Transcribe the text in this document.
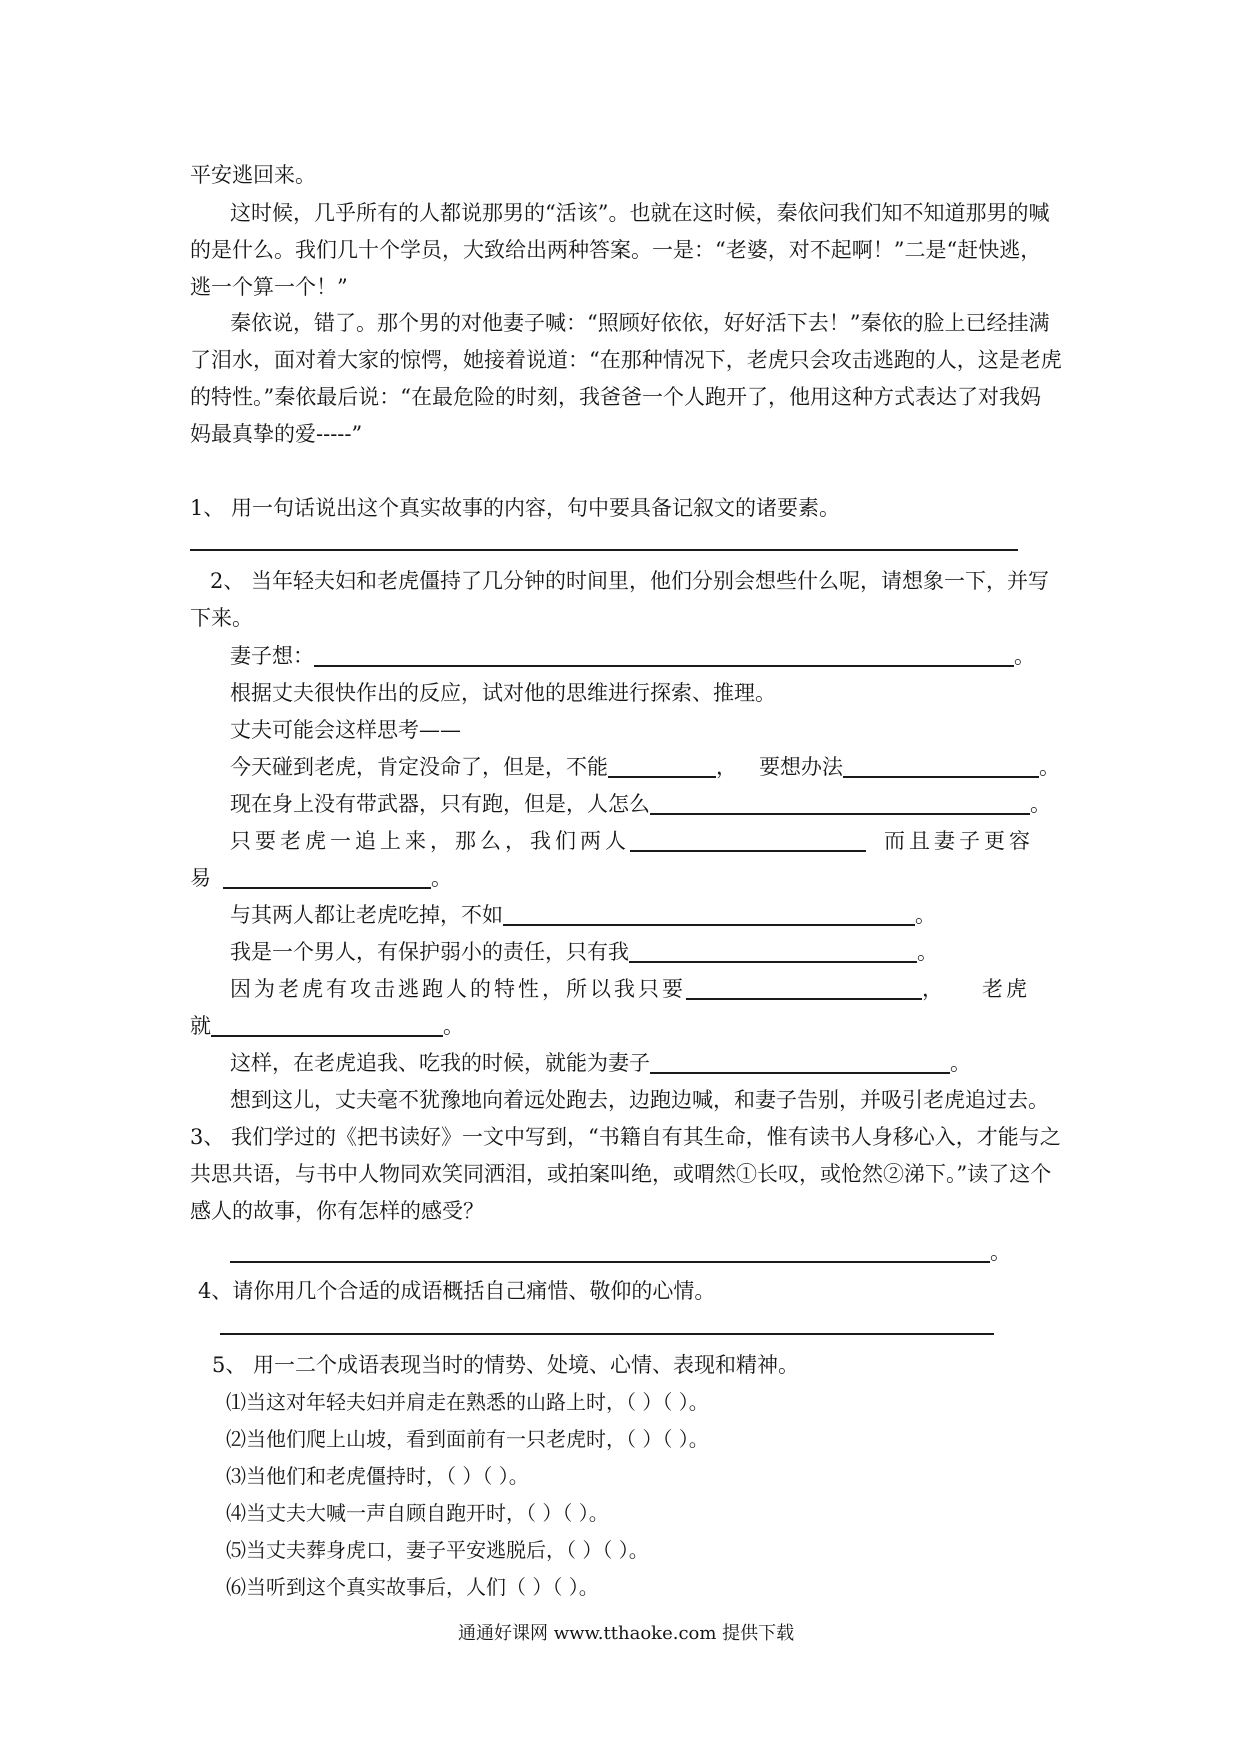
平安逃回来。
这时候，几乎所有的人都说那男的“活该”。也就在这时候，秦依问我们知不知道那男的喊
的是什么。我们几十个学员，大致给出两种答案。一是：“老婆，对不起啊！”二是“赶快逃，
逃一个算一个！”
秦依说，错了。那个男的对他妻子喊：“照顾好依依，好好活下去！”秦依的脸上已经挂满
了泪水，面对着大家的惊愕，她接着说道：“在那种情况下，老虎只会攻击逃跑的人，这是老虎
的特性。”秦依最后说：“在最危险的时刻，我爸爸一个人跑开了，他用这种方式表达了对我妈
妈最真挚的爱-----”
1、 用一句话说出这个真实故事的内容，句中要具备记叙文的诸要素。
2、 当年轻夫妇和老虎僵持了几分钟的时间里，他们分别会想些什么呢，请想象一下，并写
下来。
妻子想：	。
根据丈夫很快作出的反应，试对他的思维进行探索、推理。
丈夫可能会这样思考——
今天碰到老虎，肯定没命了，但是，不能	， 要想办法	。
现在身上没有带武器，只有跑，但是，人怎么	。
只要老虎一追上来，那么，我们两人	而且妻子更容
易	。
与其两人都让老虎吃掉，不如	。
我是一个男人，有保护弱小的责任，只有我	。
因为老虎有攻击逃跑人的特性，所以我只要	， 老虎
就	。
这样，在老虎追我、吃我的时候，就能为妻子	。
想到这儿，丈夫毫不犹豫地向着远处跑去，边跑边喊，和妻子告别，并吸引老虎追过去。
3、 我们学过的《把书读好》一文中写到，“书籍自有其生命，惟有读书人身移心入，才能与之
共思共语，与书中人物同欢笑同洒泪，或拍案叫绝，或喟然①长叹，或怆然②涕下。”读了这个
感人的故事，你有怎样的感受？
。
4、请你用几个合适的成语概括自己痛惜、敬仰的心情。
5、 用一二个成语表现当时的情势、处境、心情、表现和精神。
⑴当这对年轻夫妇并肩走在熟悉的山路上时，（ ）（ ）。
⑵当他们爬上山坡，看到面前有一只老虎时，（ ）（ ）。
⑶当他们和老虎僵持时，（ ）（ ）。
⑷当丈夫大喊一声自顾自跑开时，（ ）（ ）。
⑸当丈夫葬身虎口，妻子平安逃脱后，（ ）（ ）。
⑹当听到这个真实故事后，人们（ ）（ ）。
通通好课网 www.tthaoke.com 提供下载
